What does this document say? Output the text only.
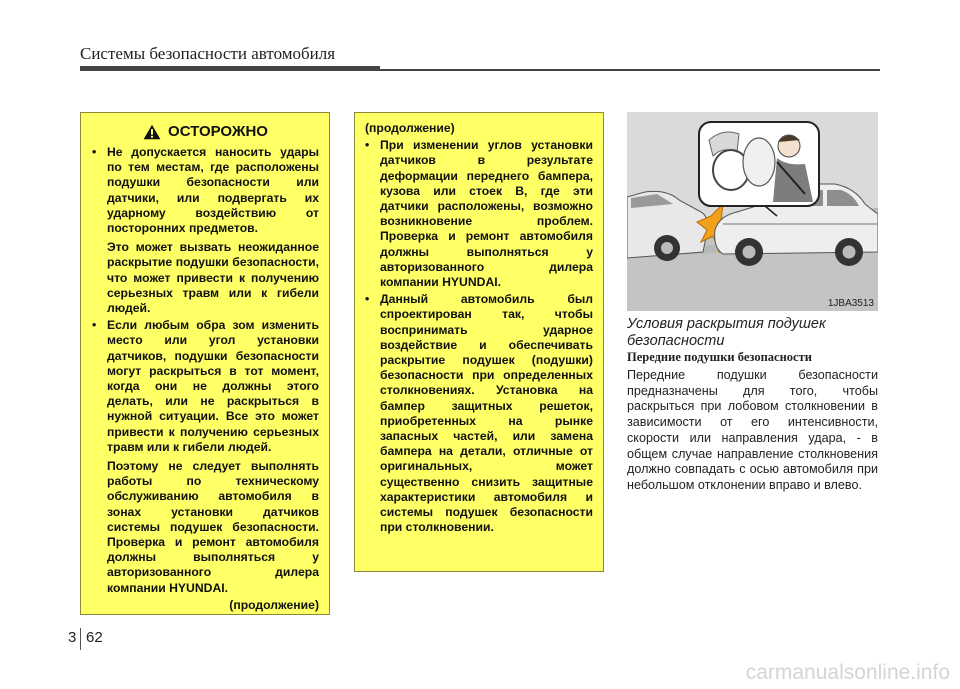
Системы безопасности автомобиля
ОСТОРОЖНО
• Не допускается наносить удары по тем местам, где расположены подушки безопасности или датчики, или подвергать их ударному воздействию от посторонних предметов.
Это может вызвать неожиданное раскрытие подушки безопасности, что может привести к получению серьезных травм или к гибели людей.
• Если любым обра зом изменить место или угол установки датчиков, подушки безопасности могут раскрыться в тот момент, когда они не должны этого делать, или не раскрыться в нужной ситуации. Все это может привести к получению серьезных травм или к гибели людей.
Поэтому не следует выполнять работы по техническому обслуживанию автомобиля в зонах установки датчиков системы подушек безопасности. Проверка и ремонт автомобиля должны выполняться у авторизованного дилера компании HYUNDAI.
(продолжение)
(продолжение)
• При изменении углов установки датчиков в результате деформации переднего бампера, кузова или стоек B, где эти датчики расположены, возможно возникновение проблем. Проверка и ремонт автомобиля должны выполняться у авторизованного дилера компании HYUNDAI.
• Данный автомобиль был спроектирован так, чтобы воспринимать ударное воздействие и обеспечивать раскрытие подушек (подушки) безопасности при определенных столкновениях. Установка на бампер защитных решеток, приобретенных на рынке запасных частей, или замена бампера на детали, отличные от оригинальных, может существенно снизить защитные характеристики автомобиля и системы подушек безопасности при столкновении.
1JBA3513
Условия раскрытия подушек безопасности
Передние подушки безопасности
Передние подушки безопасности предназначены для того, чтобы раскрыться при лобовом столкновении в зависимости от его интенсивности, скорости или направления удара, - в общем случае направление столкновения должно совпадать с осью автомобиля при небольшом отклонении вправо и влево.
3 62
carmanualsonline.info
